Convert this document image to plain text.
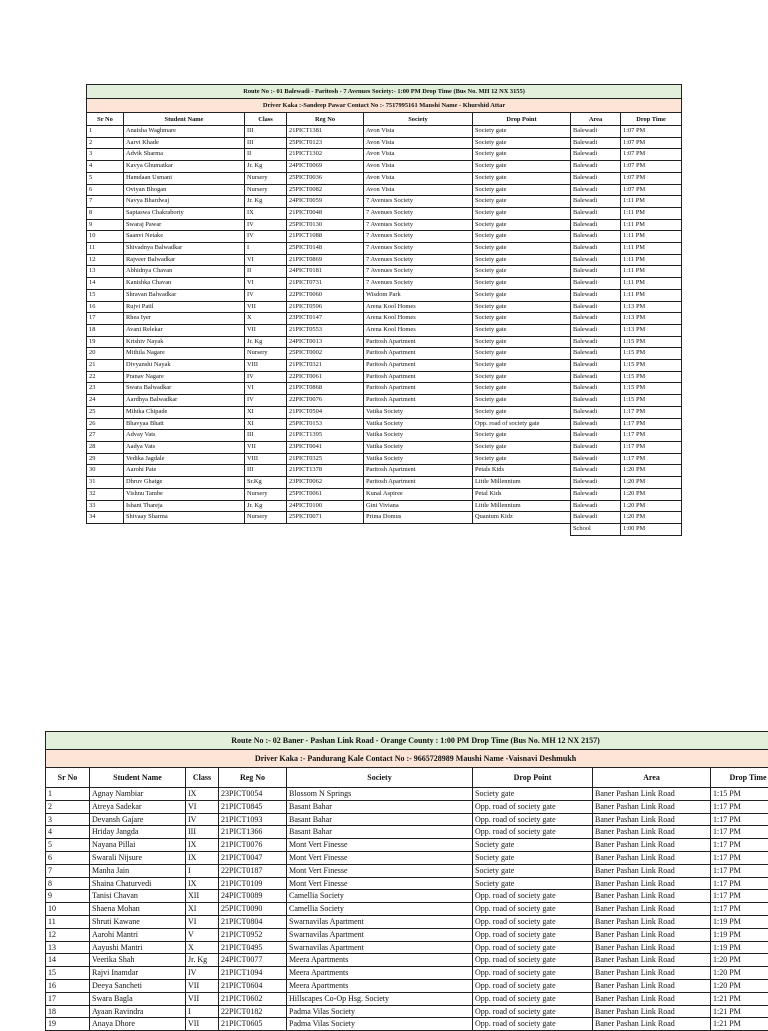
Route No :- 01 Balewadi - Paritosh - 7 Avenues Society:- 1:00 PM Drop Time (Bus No. MH 12 NX 3155)							
Driver Kaka :-Sandeep Pawar Contact No :- 7517995161 Maushi Name - Khurshid Attar							
Sr No	Student Name	Class	Reg No	Society	Drop Point	Area	Drop Time
1	Anaisha Waghmare	III	21PICT1381	Avon Vista	Society gate	Balewadi	1:07 PM
2	Aarvi Khade	III	25PICT0123	Avon Vista	Society gate	Balewadi	1:07 PM
3	Advik Sharma	II	21PICT1302	Avon Vista	Society gate	Balewadi	1:07 PM
4	Kavya Ghumatkar	Jr. Kg	24PICT0069	Avon Vista	Society gate	Balewadi	1:07 PM
5	Hamdaan Usmani	Nursery	25PICT0036	Avon Vista	Society gate	Balewadi	1:07 PM
6	Oviyan Bhogan	Nursery	25PICT0082	Avon Vista	Society gate	Balewadi	1:07 PM
7	Navya Bhardwaj	Jr. Kg	24PICT0059	7 Avenues Society	Society gate	Balewadi	1:11 PM
8	Saptaswa Chakraborty	IX	21PICT0048	7 Avenues Society	Society gate	Balewadi	1:11 PM
9	Swaraj Pawar	IV	25PICT0130	7 Avenues Society	Society gate	Balewadi	1:11 PM
10	Saanvi Netake	IV	21PICT1088	7 Avenues Society	Society gate	Balewadi	1:11 PM
11	Shivadnya Balwadkar	I	25PICT0148	7 Avenues Society	Society gate	Balewadi	1:11 PM
12	Rajveer Balwadkar	VI	21PICT0869	7 Avenues Society	Society gate	Balewadi	1:11 PM
13	Abhidnya Chavan	II	24PICT0181	7 Avenues Society	Society gate	Balewadi	1:11 PM
14	Kanishka Chavan	VI	21PICT0731	7 Avenues Society	Society gate	Balewadi	1:11 PM
15	Shravan Balwadkar	IV	22PICT0060	Wisdom Park	Society gate	Balewadi	1:11 PM
16	Rujvi Patil	VII	21PICT0596	Arena Kool Homes	Society gate	Balewadi	1:13 PM
17	Rhea Iyer	X	23PICT0147	Arena Kool Homes	Society gate	Balewadi	1:13 PM
18	Avani Relekar	VII	21PICT0553	Arena Kool Homes	Society gate	Balewadi	1:13 PM
19	Krishiv Nayak	Jr. Kg	24PICT0013	Paritosh Apartment	Society gate	Balewadi	1:15 PM
20	Mithila Nagare	Nursery	25PICT0002	Paritosh Apartment	Society gate	Balewadi	1:15 PM
21	Divyanshi Nayak	VIII	21PICT0321	Paritosh Apartment	Society gate	Balewadi	1:15 PM
22	Pranav Nagare	IV	22PICT0061	Paritosh Apartment	Society gate	Balewadi	1:15 PM
23	Swara Balwadkar	VI	21PICT0868	Paritosh Apartment	Society gate	Balewadi	1:15 PM
24	Aardhya Balwadkar	IV	22PICT0076	Paritosh Apartment	Society gate	Balewadi	1:15 PM
25	Mihika Chipade	XI	21PICT0504	Vatika Society	Society gate	Balewadi	1:17 PM
26	Bhavyaa Bhatt	XI	25PICT0153	Vatika Society	Opp. road of society gate	Balewadi	1:17 PM
27	Advay Vats	III	21PICT1395	Vatika Society	Society gate	Balewadi	1:17 PM
28	Aadya Vats	VII	23PICT0041	Vatika Society	Society gate	Balewadi	1:17 PM
29	Vedika Jagdale	VIII	21PICT0325	Vatika Society	Society gate	Balewadi	1:17 PM
30	Aarohi Pate	III	21PICT1378	Paritosh Apartment	Petals Kids	Balewadi	1:20 PM
31	Dhruv Ghatge	Sr.Kg	23PICT0062	Paritosh Apartment	Little Millennium	Balewadi	1:20 PM
32	Vishnu Tambe	Nursery	25PICT0061	Kunal Aspiree	Petal Kids	Balewadi	1:20 PM
33	Ishani Thareja	Jr. Kg	24PICT0100	Gini Viviana	Little Millennium	Balewadi	1:20 PM
34	Shivaay Sharma	Nursery	25PICT0071	Prima Domus	Quantum Kidz	Balewadi	1:20 PM
						School	1:00 PM
Route No :- 02 Baner - Pashan Link Road - Orange County : 1:00 PM Drop Time (Bus No. MH 12 NX 2157)							
Driver Kaka :- Pandurang Kale Contact No :- 9665728989 Maushi Name -Vaisnavi Deshmukh							
Sr No	Student Name	Class	Reg No	Society	Drop Point	Area	Drop Time
1	Agnay Nambiar	IX	23PICT0054	Blossom N Springs	Society gate	Baner Pashan Link Road	1:15 PM
2	Atreya Sadekar	VI	21PICT0845	Basant Bahar	Opp. road of society gate	Baner Pashan Link Road	1:17 PM
3	Devansh Gajare	IV	21PICT1093	Basant Bahar	Opp. road of society gate	Baner Pashan Link Road	1:17 PM
4	Hriday Jangda	III	21PICT1366	Basant Bahar	Opp. road of society gate	Baner Pashan Link Road	1:17 PM
5	Nayana Pillai	IX	21PICT0076	Mont Vert Finesse	Society gate	Baner Pashan Link Road	1:17 PM
6	Swarali Nijsure	IX	21PICT0047	Mont Vert Finesse	Society gate	Baner Pashan Link Road	1:17 PM
7	Manha Jain	I	22PICT0187	Mont Vert Finesse	Society gate	Baner Pashan Link Road	1:17 PM
8	Shaina Chaturvedi	IX	21PICT0109	Mont Vert Finesse	Society gate	Baner Pashan Link Road	1:17 PM
9	Tanisi Chavan	XII	24PICT0089	Camellia Society	Opp. road of society gate	Baner Pashan Link Road	1:17 PM
10	Shaena Mohan	XI	25PICT0090	Camellia Society	Opp. road of society gate	Baner Pashan Link Road	1:17 PM
11	Shruti Kawane	VI	21PICT0804	Swarnavilas Apartment	Opp. road of society gate	Baner Pashan Link Road	1:19 PM
12	Aarohi Mantri	V	21PICT0952	Swarnavilas Apartment	Opp. road of society gate	Baner Pashan Link Road	1:19 PM
13	Aayushi Mantri	X	21PICT0495	Swarnavilas Apartment	Opp. road of society gate	Baner Pashan Link Road	1:19 PM
14	Veerika Shah	Jr. Kg	24PICT0077	Meera Apartments	Opp. road of society gate	Baner Pashan Link Road	1:20 PM
15	Rajvi Inamdar	IV	21PICT1094	Meera Apartments	Opp. road of society gate	Baner Pashan Link Road	1:20 PM
16	Deeya Sancheti	VII	21PICT0604	Meera Apartments	Opp. road of society gate	Baner Pashan Link Road	1:20 PM
17	Swara Bagla	VII	21PICT0602	Hillscapes Co-Op Hsg. Society	Opp. road of society gate	Baner Pashan Link Road	1:21 PM
18	Ayaan Ravindra	I	22PICT0182	Padma Vilas Society	Opp. road of society gate	Baner Pashan Link Road	1:21 PM
19	Anaya Dhore	VII	21PICT0605	Padma Vilas Society	Opp. road of society gate	Baner Pashan Link Road	1:21 PM
